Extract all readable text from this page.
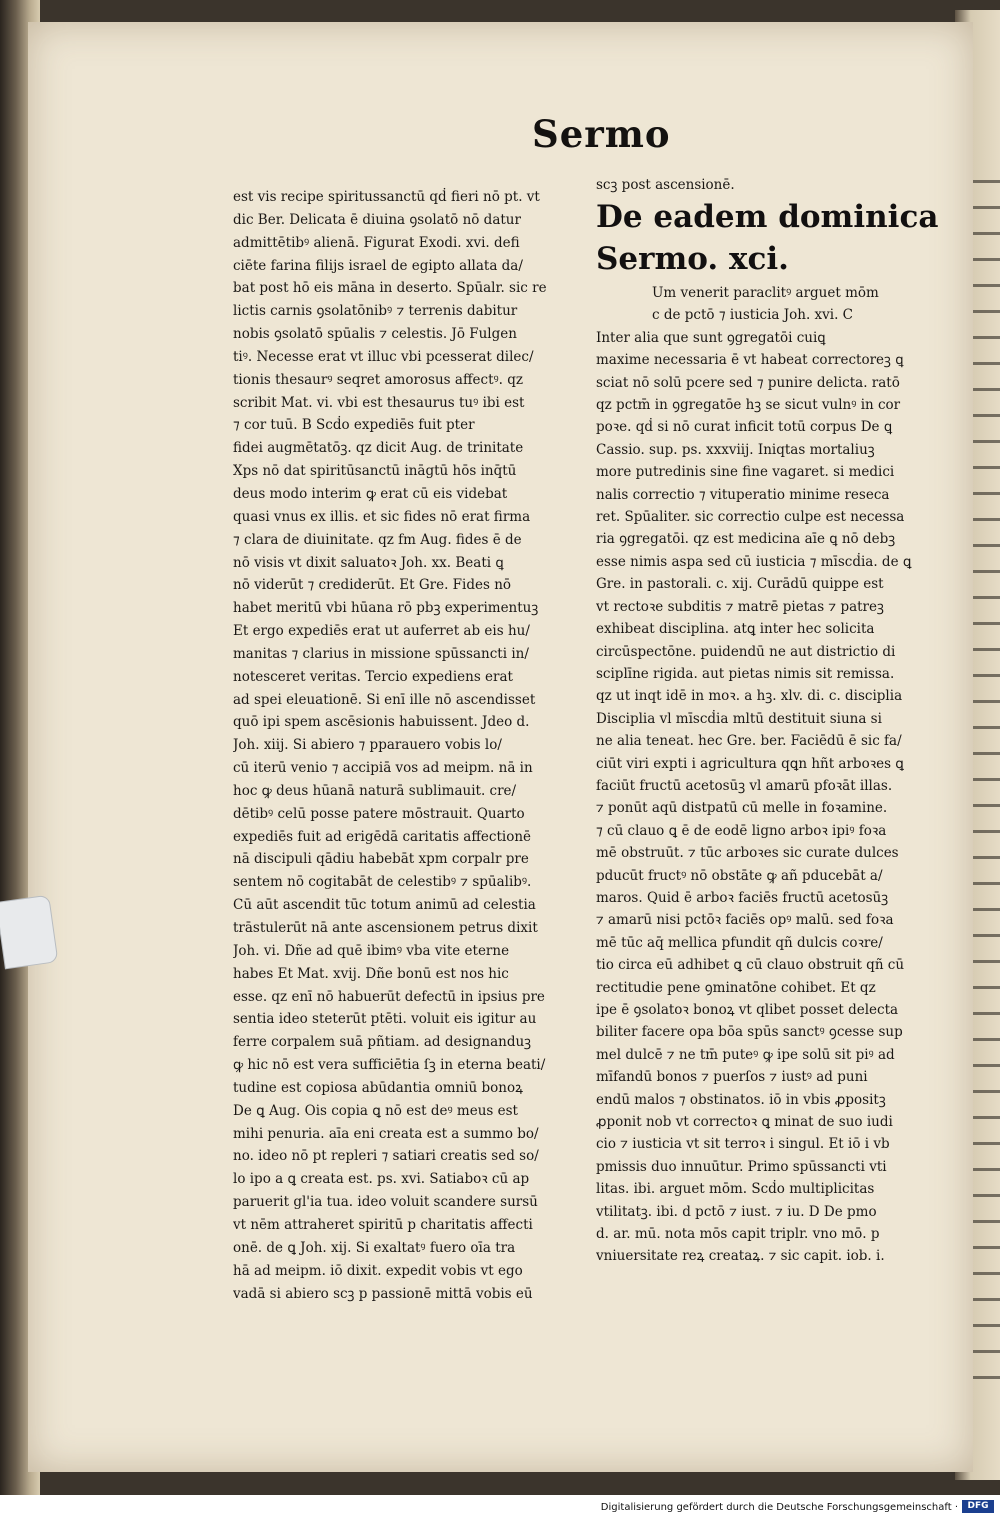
Sermo
est vis recipe spiritussanctū qḋ fieri nō pt. vt
dic Ber. Delicata ē diuina ꝯsolatō nō datur
admittētibꝰ alienā. Figurat Exodi. xvi. defi
ciēte farina filijs israel de egipto allata da/
bat post hō eis māna in deserto. Spūalr. sic re
lictis carnis ꝯsolatōnibꝰ ⁊ terrenis dabitur
nobis ꝯsolatō spūalis ⁊ celestis. Jō Fulgen
tiꝰ. Necesse erat vt illuc vbi pcesserat dilec/
tionis thesaurꝰ seqret amorosus affectꝰ. qz
scribit Mat. vi. vbi est thesaurus tuꝰ ibi est
⁊ cor tuū. B Scḋo expediēs fuit pter
fidei augmētatōꝫ. qz dicit Aug. de trinitate
Xps nō dat spiritūsanctū ināgtū hōs inq̄tū
deus modo interim ꝙ erat cū eis videbat
quasi vnus ex illis. et sic fides nō erat firma
⁊ clara de diuinitate. qz fm Aug. fides ē de
nō visis vt dixit saluatoꝛ Joh. xx. Beati ꝗ
nō viderūt ⁊ crediderūt. Et Gre. Fides nō
habet meritū vbi hūana rō pbꝫ experimentuꝫ
Et ergo expediēs erat ut auferret ab eis hu/
manitas ⁊ clarius in missione spūssancti in/
notesceret veritas. Tercio expediens erat
ad spei eleuationē. Si enī ille nō ascendisset
quō ipi spem ascēsionis habuissent. Jdeo d.
Joh. xiij. Si abiero ⁊ pparauero vobis lo/
cū iterū venio ⁊ accipiā vos ad meipm. nā in
hoc ꝙ deus hūanā naturā sublimauit. cre/
dētibꝰ celū posse patere mōstrauit. Quarto
expediēs fuit ad erigēdā caritatis affectionē
nā discipuli qādiu habebāt xpm corpalr pre
sentem nō cogitabāt de celestibꝰ ⁊ spūalibꝰ.
Cū aūt ascendit tūc totum animū ad celestia
trāstulerūt nā ante ascensionem petrus dixit
Joh. vi. Dñe ad quē ibimꝰ vba vite eterne
habes Et Mat. xvij. Dñe bonū est nos hic
esse. qz enī nō habuerūt defectū in ipsius pre
sentia ideo steterūt ptēti. voluit eis igitur au
ferre corpalem suā pñtiam. ad designanduꝫ
ꝙ hic nō est vera sufficiētia ſꝫ in eterna beati/
tudine est copiosa abūdantia omniū bonoꝝ
De ꝗ Aug. Ois copia ꝗ nō est deꝰ meus est
mihi penuria. aīa eni creata est a summo bo/
no. ideo nō pt repleri ⁊ satiari creatis sed so/
lo ipo a ꝗ creata est. ps. xvi. Satiaboꝛ cū ap
paruerit gl'ia tua. ideo voluit scandere sursū
vt nēm attraheret spiritū p charitatis affecti
onē. de ꝗ Joh. xij. Si exaltatꝰ fuero oīa tra
hā ad meipm. iō dixit. expedit vobis vt ego
vadā si abiero scꝫ p passionē mittā vobis eū
scꝫ post ascensionē.
De eadem dominica
Sermo. xci.
Um venerit paraclitꝰ arguet mōm
c de pctō ⁊ iusticia Joh. xvi. C
Inter alia que sunt ꝯgregatōi cuiꝗ
maxime necessaria ē vt habeat correctoreꝫ ꝗ
sciat nō solū pcere sed ⁊ punire delicta. ratō
qz pctm̄ in ꝯgregatōe hꝫ se sicut vulnꝰ in cor
poꝛe. qḋ si nō curat inficit totū corpus De ꝗ
Cassio. sup. ps. xxxviij. Iniqtas mortaliuꝫ
more putredinis sine fine vagaret. si medici
nalis correctio ⁊ vituperatio minime reseca
ret. Spūaliter. sic correctio culpe est necessa
ria ꝯgregatōi. qz est medicina aīe ꝗ nō debꝫ
esse nimis aspa sed cū iusticia ⁊ mīscḋia. de ꝗ
Gre. in pastorali. c. xij. Curādū quippe est
vt rectoꝛe subditis ⁊ matrē pietas ⁊ patreꝫ
exhibeat disciplina. atꝗ inter hec solicita
circūspectōne. puidendū ne aut districtio di
sciplīne rigida. aut pietas nimis sit remissa.
qz ut inqt idē in moꝛ. a hꝫ. xlv. di. c. disciplia
Disciplia vl mīscḋia mltū destituit siuna si
ne alia teneat. hec Gre. ber. Faciēdū ē sic fa/
ciūt viri expti i agricultura qꝗn hñt arboꝛes ꝗ
faciūt fructū acetosūꝫ vl amarū pfoꝛāt illas.
⁊ ponūt aqū distpatū cū melle in foꝛamine.
⁊ cū clauo ꝗ ē de eodē ligno arboꝛ ipiꝰ foꝛa
mē obstruūt. ⁊ tūc arboꝛes sic curate dulces
pducūt fructꝰ nō obstāte ꝙ añ pducebāt a/
maros. Quid ē arboꝛ faciēs fructū acetosūꝫ
⁊ amarū nisi pctōꝛ faciēs opꝰ malū. sed foꝛa
mē tūc aq̄ mellica pfundit qñ dulcis coꝛre/
tio circa eū adhibet ꝗ cū clauo obstruit qñ cū
rectitudie pene ꝯminatōne cohibet. Et qz
ipe ē ꝯsolatoꝛ bonoꝝ vt qlibet posset delecta
biliter facere opa bōa spūs sanctꝰ ꝯcesse sup
mel dulcē ⁊ ne tm̄ puteꝰ ꝙ ipe solū sit piꝰ ad
mīfandū bonos ⁊ puerſos ⁊ iustꝰ ad puni
endū malos ⁊ obstinatos. iō in vbis ꝓpositꝫ
ꝓponit nob vt correctoꝛ ꝗ minat de suo iudi
cio ⁊ iusticia vt sit terroꝛ i singul. Et iō i vb
pmissis duo innuūtur. Primo spūssancti vti
litas. ibi. arguet mōm. Scḋo multiplicitas
vtilitatꝫ. ibi. d pctō ⁊ iust. ⁊ iu. D De pmo
d. ar. mū. nota mōs capit triplr. vno mō. p
vniuersitate reꝝ creataꝝ. ⁊ sic capit. iob. i.
Digitalisierung gefördert durch die Deutsche Forschungsgemeinschaft ·	DFG
